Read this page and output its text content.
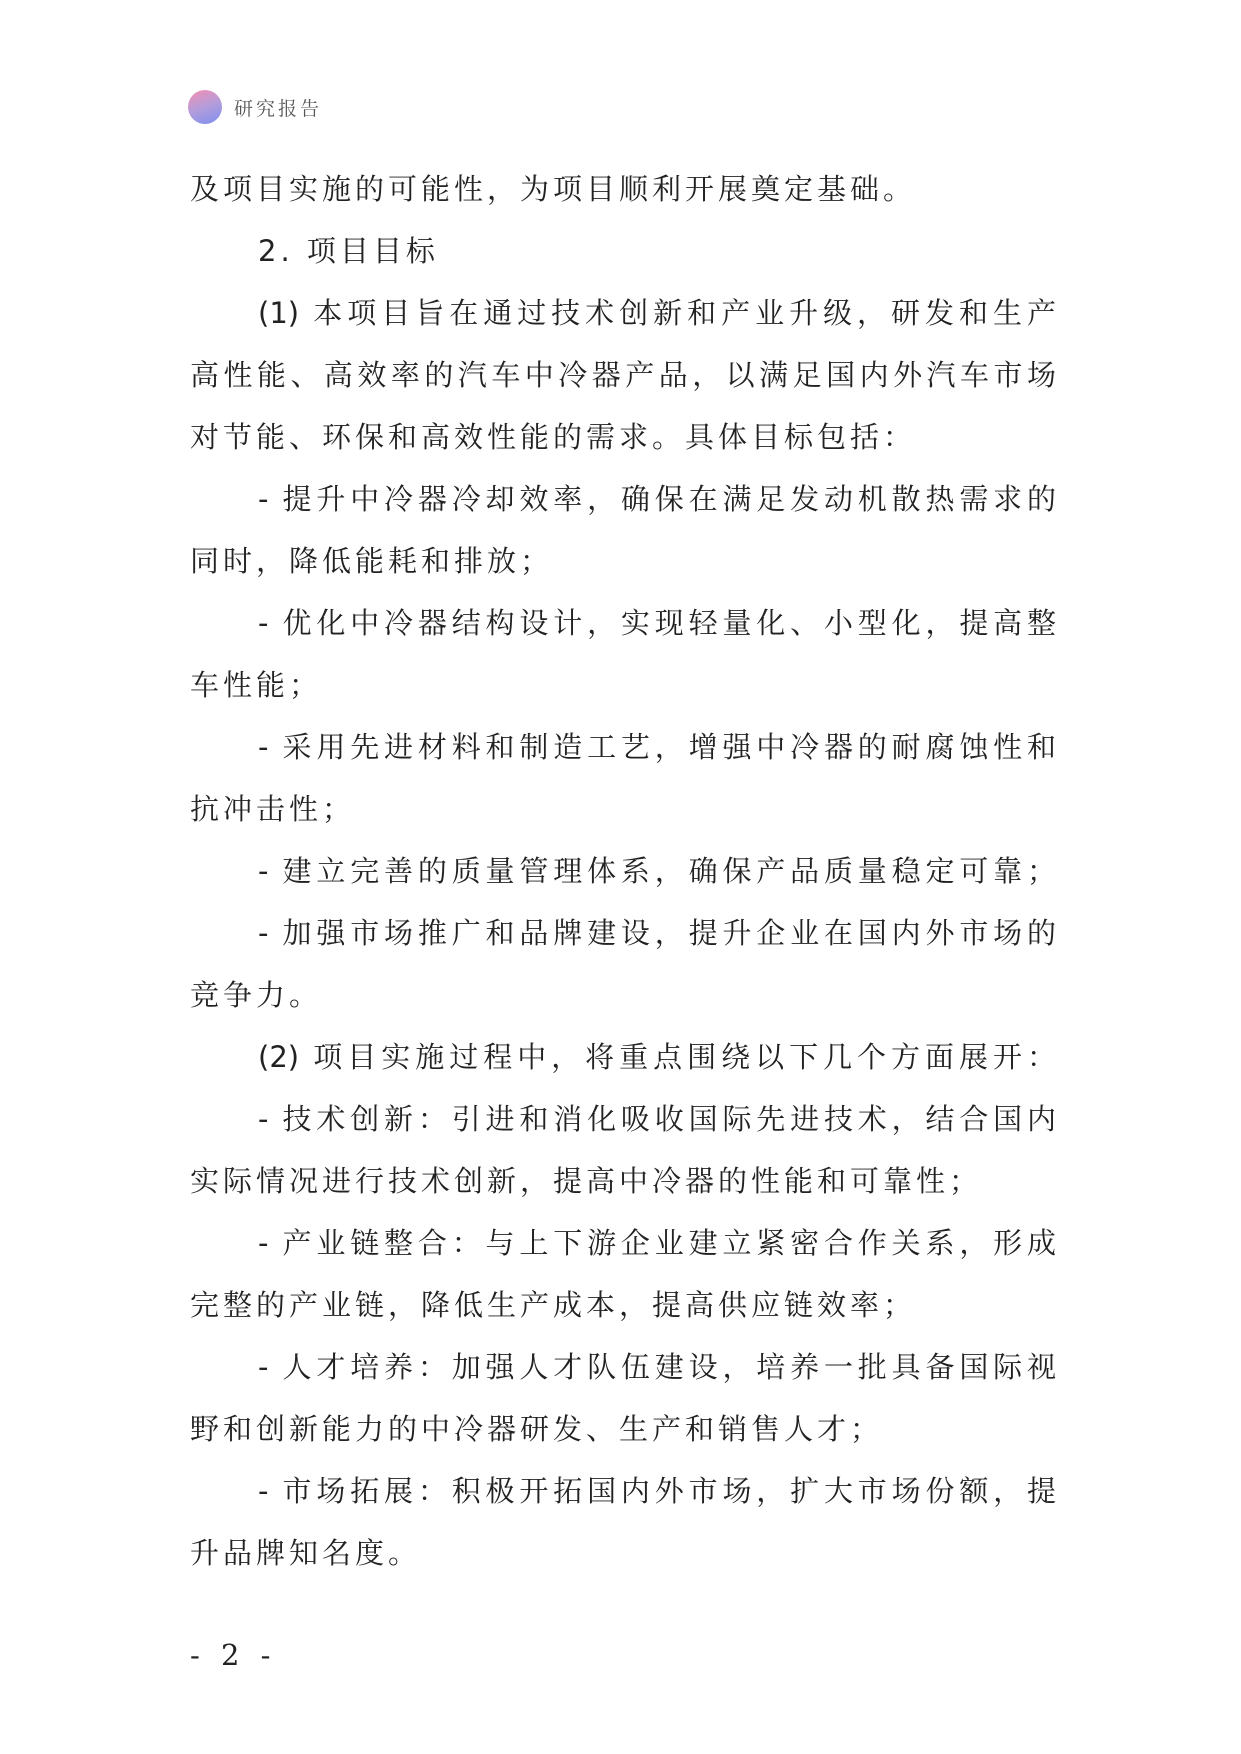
研究报告
及项目实施的可能性，为项目顺利开展奠定基础。
2. 项目目标
(1) 本项目旨在通过技术创新和产业升级，研发和生产
高性能、高效率的汽车中冷器产品，以满足国内外汽车市场
对节能、环保和高效性能的需求。具体目标包括：
- 提升中冷器冷却效率，确保在满足发动机散热需求的
同时，降低能耗和排放；
- 优化中冷器结构设计，实现轻量化、小型化，提高整
车性能；
- 采用先进材料和制造工艺，增强中冷器的耐腐蚀性和
抗冲击性；
- 建立完善的质量管理体系，确保产品质量稳定可靠；
- 加强市场推广和品牌建设，提升企业在国内外市场的
竞争力。
(2) 项目实施过程中，将重点围绕以下几个方面展开：
- 技术创新：引进和消化吸收国际先进技术，结合国内
实际情况进行技术创新，提高中冷器的性能和可靠性；
- 产业链整合：与上下游企业建立紧密合作关系，形成
完整的产业链，降低生产成本，提高供应链效率；
- 人才培养：加强人才队伍建设，培养一批具备国际视
野和创新能力的中冷器研发、生产和销售人才；
- 市场拓展：积极开拓国内外市场，扩大市场份额，提
升品牌知名度。
- 2 -
